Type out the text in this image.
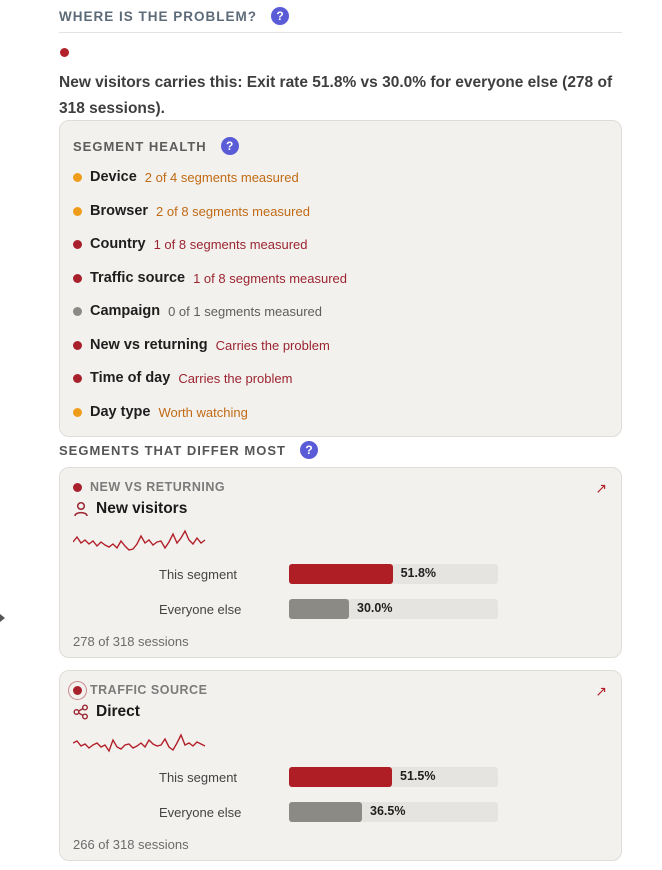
WHERE IS THE PROBLEM?	?
New visitors carries this: Exit rate 51.8% vs 30.0% for everyone else (278 of 318 sessions).
SEGMENT HEALTH	?
Device 2 of 4 segments measured
Browser 2 of 8 segments measured
Country 1 of 8 segments measured
Traffic source 1 of 8 segments measured
Campaign 0 of 1 segments measured
New vs returning Carries the problem
Time of day Carries the problem
Day type Worth watching
SEGMENTS THAT DIFFER MOST	?
NEW VS RETURNING	↗
New visitors
This segment	51.8%
Everyone else	30.0%
278 of 318 sessions
TRAFFIC SOURCE	↗
Direct
This segment	51.5%
Everyone else	36.5%
266 of 318 sessions
